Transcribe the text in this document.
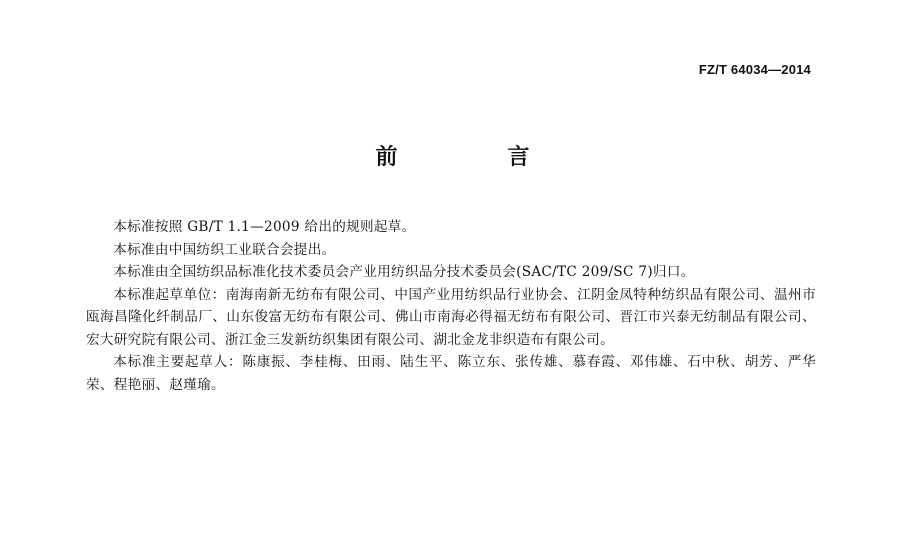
FZ/T 64034—2014
前　言

本标准按照 GB/T 1.1—2009 给出的规则起草。

本标准由中国纺织工业联合会提出。

本标准由全国纺织品标准化技术委员会产业用纺织品分技术委员会(SAC/TC 209/SC 7)归口。

本标准起草单位：南海南新无纺布有限公司、中国产业用纺织品行业协会、江阴金凤特种纺织品有限公司、温州市瓯海昌隆化纤制品厂、山东俊富无纺布有限公司、佛山市南海必得福无纺布有限公司、晋江市兴泰无纺制品有限公司、宏大研究院有限公司、浙江金三发新纺织集团有限公司、湖北金龙非织造布有限公司。

本标准主要起草人：陈康振、李桂梅、田雨、陆生平、陈立东、张传雄、慕春霞、邓伟雄、石中秋、胡芳、严华荣、程艳丽、赵瑾瑜。
